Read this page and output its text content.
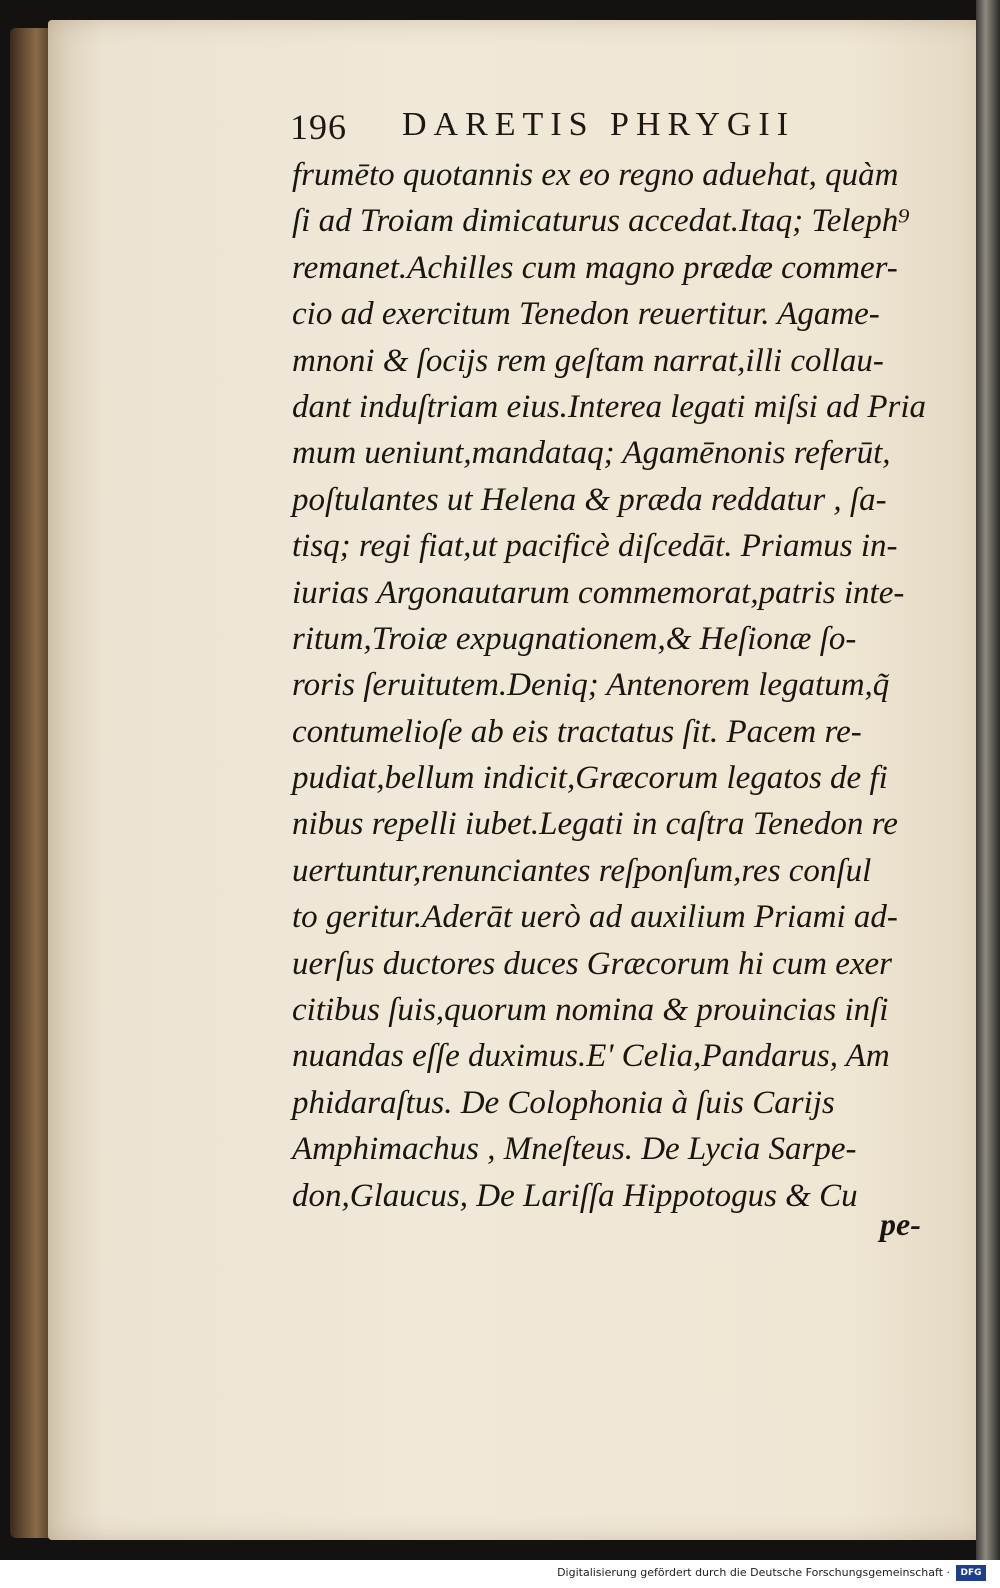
196 DARETIS PHRYGII
frumēto quotannis ex eo regno aduehat, quàm
ſi ad Troiam dimicaturus accedat.Itaq; Teleph⁹
remanet.Achilles cum magno prædæ commer-
cio ad exercitum Tenedon reuertitur. Agame-
mnoni & ſocijs rem geſtam narrat,illi collau-
dant induſtriam eius.Interea legati miſsi ad Pria
mum ueniunt,mandataq; Agamēnonis referūt,
poſtulantes ut Helena & præda reddatur , ſa-
tisq; regi fiat,ut pacificè diſcedāt. Priamus in-
iurias Argonautarum commemorat,patris inte-
ritum,Troiæ expugnationem,& Heſionæ ſo-
roris ſeruitutem.Deniq; Antenorem legatum,q̃
contumelioſe ab eis tractatus ſit. Pacem re-
pudiat,bellum indicit,Græcorum legatos de fi
nibus repelli iubet.Legati in caſtra Tenedon re
uertuntur,renunciantes reſponſum,res conſul
to geritur.Aderāt uerò ad auxilium Priami ad-
uerſus ductores duces Græcorum hi cum exer
citibus ſuis,quorum nomina & prouincias inſi
nuandas eſſe duximus.E' Celia,Pandarus, Am
phidaraſtus. De Colophonia à ſuis Carijs
Amphimachus , Mneſteus. De Lycia Sarpe-
don,Glaucus, De Lariſſa Hippotogus & Cu
pe-
Digitalisierung gefördert durch die Deutsche Forschungsgemeinschaft ·	DFG
